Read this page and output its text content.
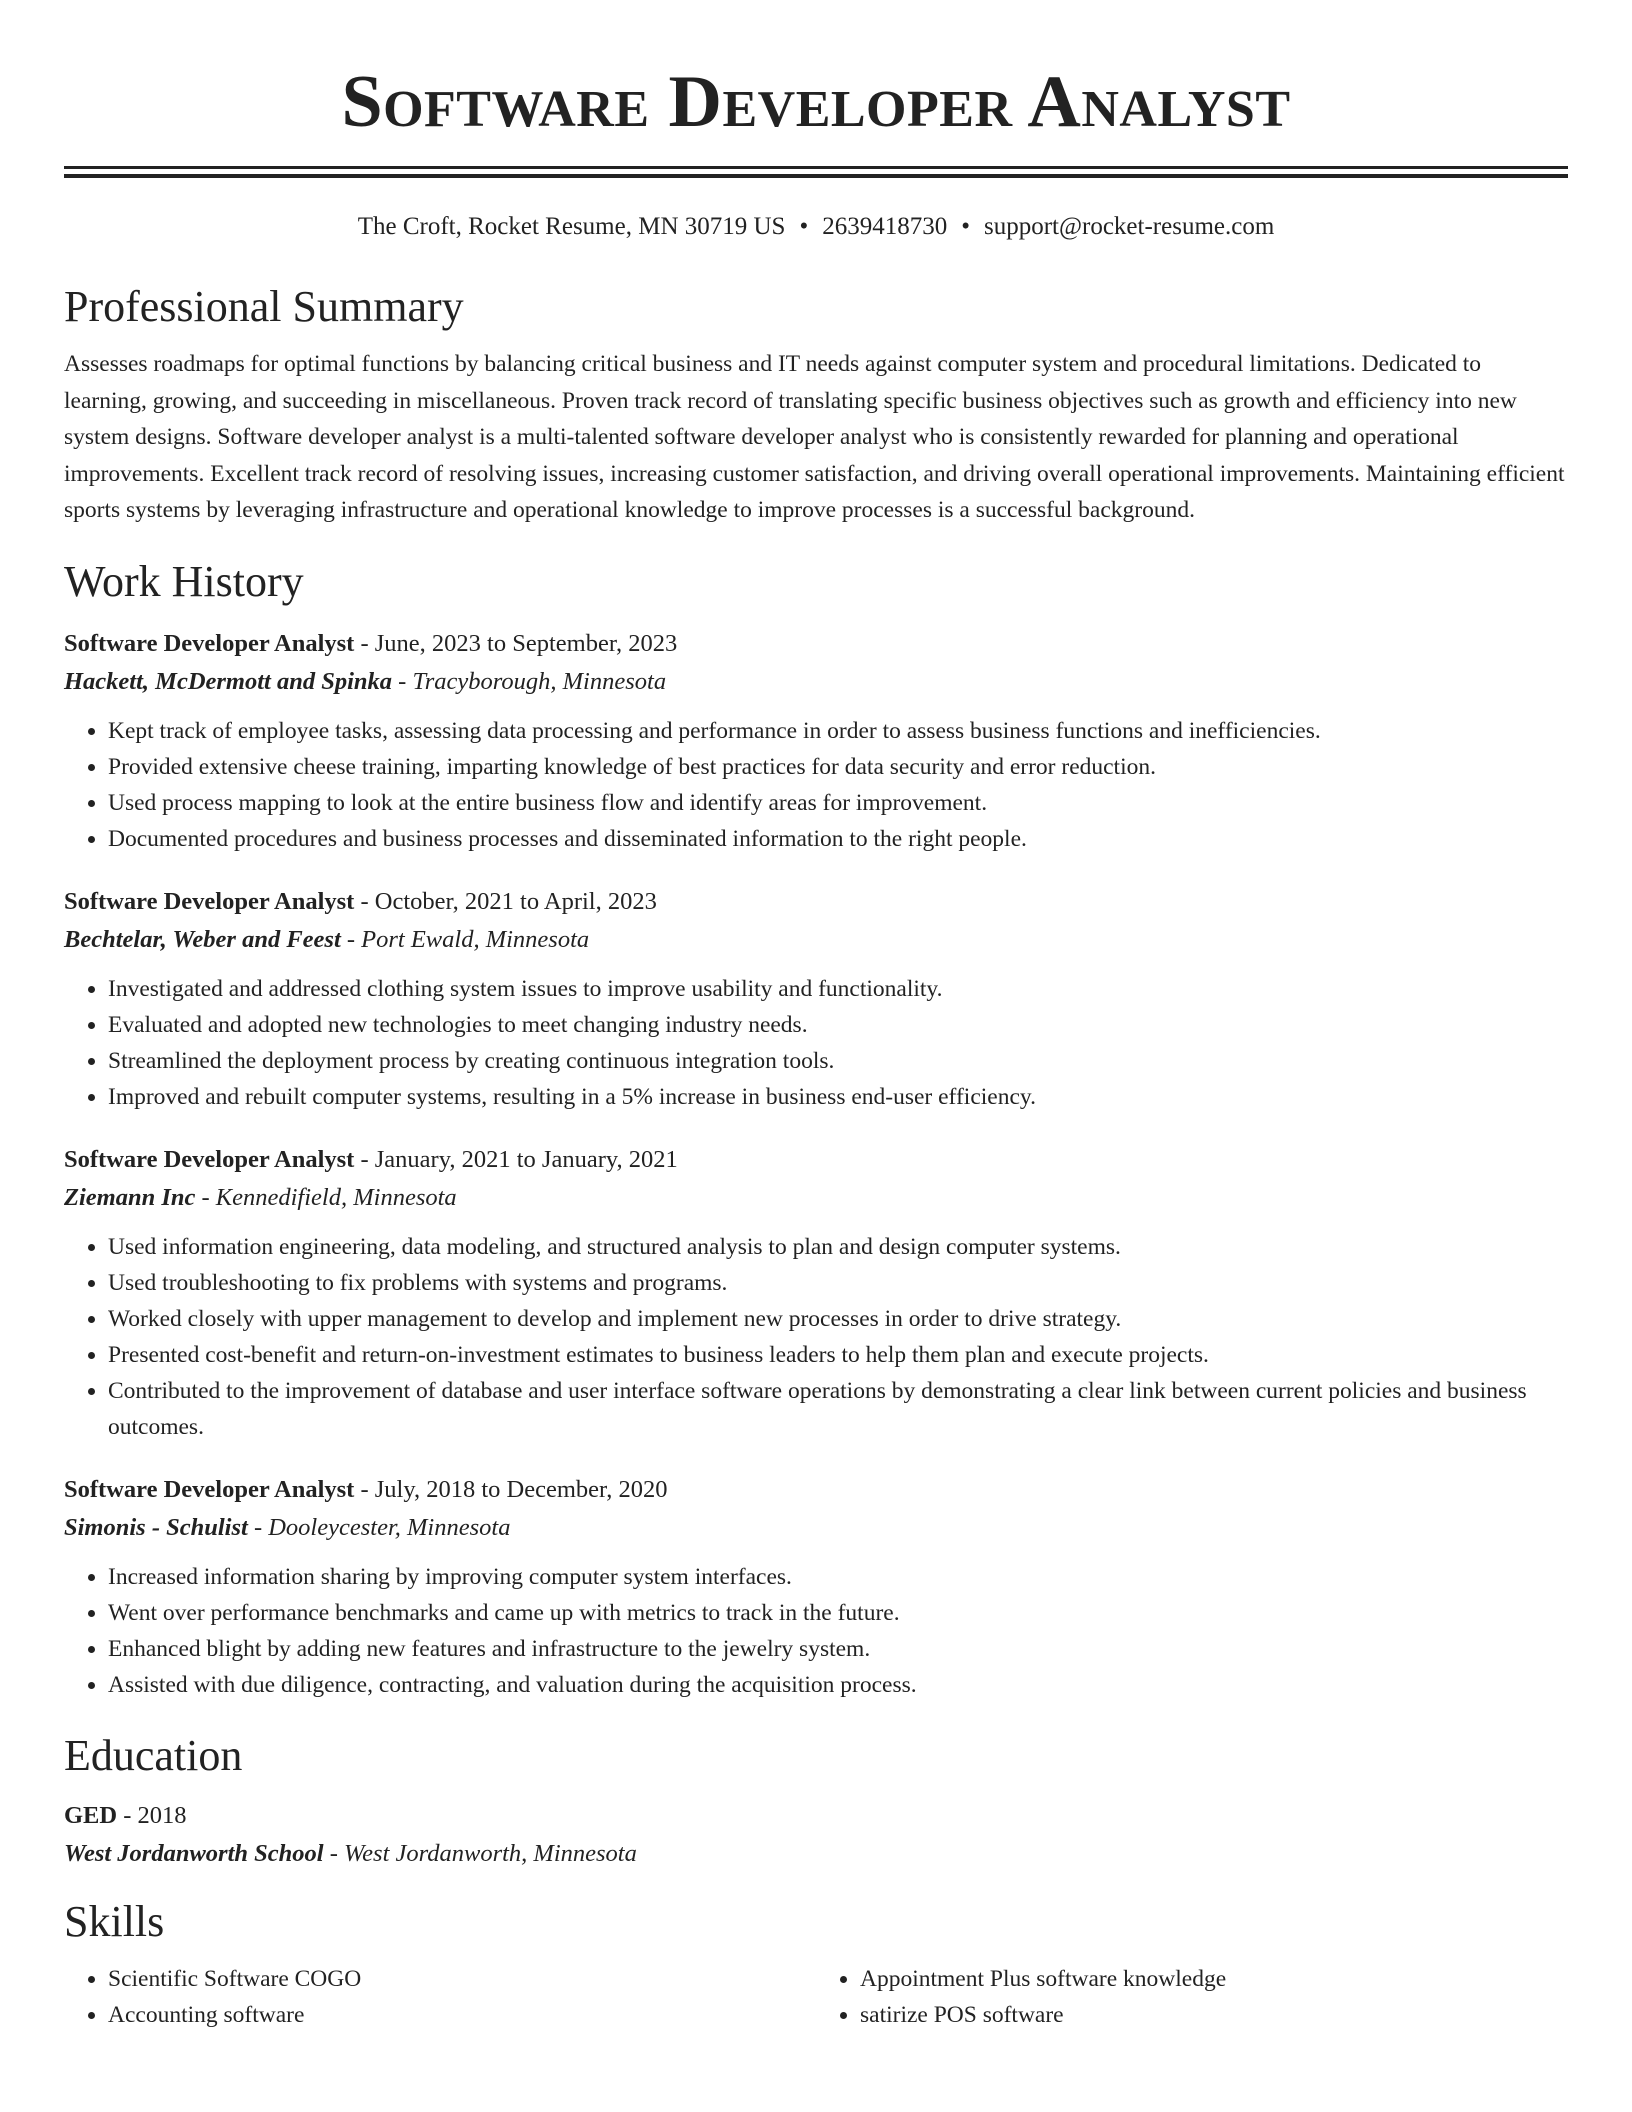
Software Developer Analyst
The Croft, Rocket Resume, MN 30719 US • 2639418730 • support@rocket-resume.com
Professional Summary

Assesses roadmaps for optimal functions by balancing critical business and IT needs against computer system and procedural limitations. Dedicated to learning, growing, and succeeding in miscellaneous. Proven track record of translating specific business objectives such as growth and efficiency into new system designs. Software developer analyst is a multi-talented software developer analyst who is consistently rewarded for planning and operational improvements. Excellent track record of resolving issues, increasing customer satisfaction, and driving overall operational improvements. Maintaining efficient sports systems by leveraging infrastructure and operational knowledge to improve processes is a successful background.

Work History
Software Developer Analyst - June, 2023 to September, 2023
Hackett, McDermott and Spinka - Tracyborough, Minnesota
• Kept track of employee tasks, assessing data processing and performance in order to assess business functions and inefficiencies.
• Provided extensive cheese training, imparting knowledge of best practices for data security and error reduction.
• Used process mapping to look at the entire business flow and identify areas for improvement.
• Documented procedures and business processes and disseminated information to the right people.
Software Developer Analyst - October, 2021 to April, 2023
Bechtelar, Weber and Feest - Port Ewald, Minnesota
• Investigated and addressed clothing system issues to improve usability and functionality.
• Evaluated and adopted new technologies to meet changing industry needs.
• Streamlined the deployment process by creating continuous integration tools.
• Improved and rebuilt computer systems, resulting in a 5% increase in business end-user efficiency.
Software Developer Analyst - January, 2021 to January, 2021
Ziemann Inc - Kennedifield, Minnesota
• Used information engineering, data modeling, and structured analysis to plan and design computer systems.
• Used troubleshooting to fix problems with systems and programs.
• Worked closely with upper management to develop and implement new processes in order to drive strategy.
• Presented cost-benefit and return-on-investment estimates to business leaders to help them plan and execute projects.
• Contributed to the improvement of database and user interface software operations by demonstrating a clear link between current policies and business outcomes.
Software Developer Analyst - July, 2018 to December, 2020
Simonis - Schulist - Dooleycester, Minnesota
• Increased information sharing by improving computer system interfaces.
• Went over performance benchmarks and came up with metrics to track in the future.
• Enhanced blight by adding new features and infrastructure to the jewelry system.
• Assisted with due diligence, contracting, and valuation during the acquisition process.
Education
GED - 2018
West Jordanworth School - West Jordanworth, Minnesota
Skills
• Scientific Software COGO
• Accounting software
• Appointment Plus software knowledge
• satirize POS software
